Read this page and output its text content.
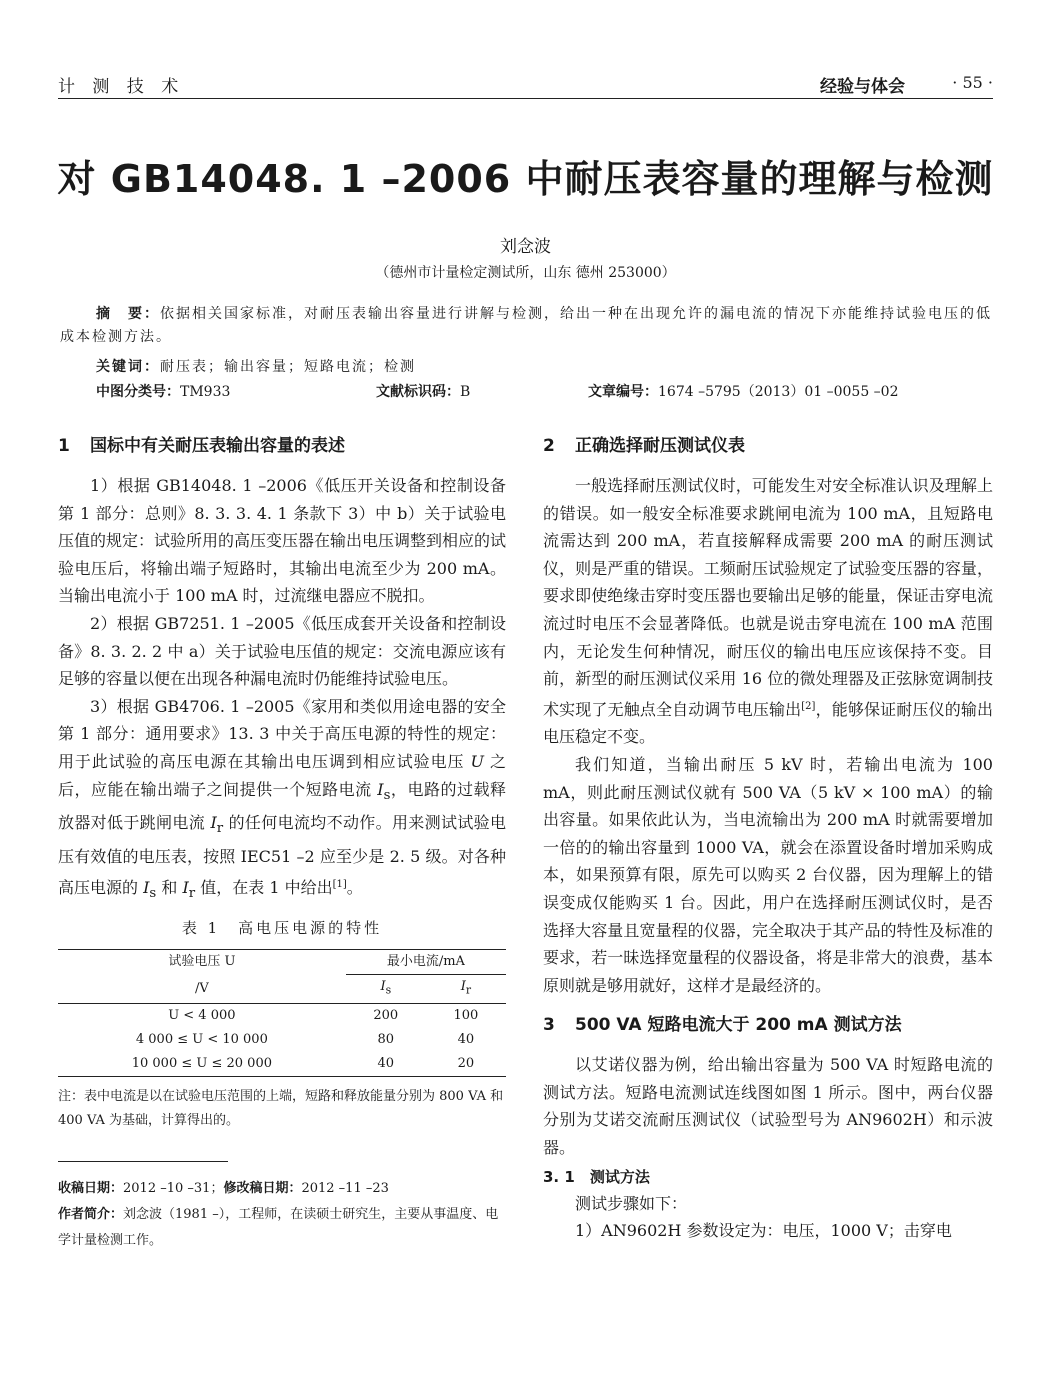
计 测 技 术	经验与体会	· 55 ·
对 GB14048. 1 –2006 中耐压表容量的理解与检测
刘念波
（德州市计量检定测试所，山东 德州 253000）
摘　要：依据相关国家标准，对耐压表输出容量进行讲解与检测，给出一种在出现允许的漏电流的情况下亦能维持试验电压的低成本检测方法。
关键词：耐压表；输出容量；短路电流；检测
中图分类号：TM933	文献标识码：B	文章编号：1674 –5795（2013）01 –0055 –02
1 国标中有关耐压表输出容量的表述

1）根据 GB14048. 1 –2006《低压开关设备和控制设备 第 1 部分：总则》8. 3. 3. 4. 1 条款下 3）中 b）关于试验电压值的规定：试验所用的高压变压器在输出电压调整到相应的试验电压后，将输出端子短路时，其输出电流至少为 200 mA。当输出电流小于 100 mA 时，过流继电器应不脱扣。

2）根据 GB7251. 1 –2005《低压成套开关设备和控制设备》8. 3. 2. 2 中 a）关于试验电压值的规定：交流电源应该有足够的容量以便在出现各种漏电流时仍能维持试验电压。

3）根据 GB4706. 1 –2005《家用和类似用途电器的安全　第 1 部分：通用要求》13. 3 中关于高压电源的特性的规定：用于此试验的高压电源在其输出电压调到相应试验电压 U 之后，应能在输出端子之间提供一个短路电流 $I_s$，电路的过载释放器对低于跳闸电流 $I_r$ 的任何电流均不动作。用来测试试验电压有效值的电压表，按照 IEC51 –2 应至少是 2. 5 级。对各种高压电源的 $I_s$ 和 $I_r$ 值，在表 1 中给出[1]。

表 1　高电压电源的特性
试验电压 U	最小电流/mA	
/V	$I_s$	$I_r$
U < 4 000	200	100
4 000 ≤ U < 10 000	80	40
10 000 ≤ U ≤ 20 000	40	20

注：表中电流是以在试验电压范围的上端，短路和释放能量分别为 800 VA 和 400 VA 为基础，计算得出的。

收稿日期：2012 –10 –31；修改稿日期：2012 –11 –23

作者简介：刘念波（1981 –），工程师，在读硕士研究生，主要从事温度、电学计量检测工作。

2 正确选择耐压测试仪表

一般选择耐压测试仪时，可能发生对安全标准认识及理解上的错误。如一般安全标准要求跳闸电流为 100 mA，且短路电流需达到 200 mA，若直接解释成需要 200 mA 的耐压测试仪，则是严重的错误。工频耐压试验规定了试验变压器的容量，要求即使绝缘击穿时变压器也要输出足够的能量，保证击穿电流流过时电压不会显著降低。也就是说击穿电流在 100 mA 范围内，无论发生何种情况，耐压仪的输出电压应该保持不变。目前，新型的耐压测试仪采用 16 位的微处理器及正弦脉宽调制技术实现了无触点全自动调节电压输出[2]，能够保证耐压仪的输出电压稳定不变。

我们知道，当输出耐压 5 kV 时，若输出电流为 100 mA，则此耐压测试仪就有 500 VA（5 kV × 100 mA）的输出容量。如果依此认为，当电流输出为 200 mA 时就需要增加一倍的的输出容量到 1000 VA，就会在添置设备时增加采购成本，如果预算有限，原先可以购买 2 台仪器，因为理解上的错误变成仅能购买 1 台。因此，用户在选择耐压测试仪时，是否选择大容量且宽量程的仪器，完全取决于其产品的特性及标准的要求，若一昧选择宽量程的仪器设备，将是非常大的浪费，基本原则就是够用就好，这样才是最经济的。

3 500 VA 短路电流大于 200 mA 测试方法

以艾诺仪器为例，给出输出容量为 500 VA 时短路电流的测试方法。短路电流测试连线图如图 1 所示。图中，两台仪器分别为艾诺交流耐压测试仪（试验型号为 AN9602H）和示波器。

3. 1　 测试方法

测试步骤如下：

1）AN9602H 参数设定为：电压，1000 V；击穿电
